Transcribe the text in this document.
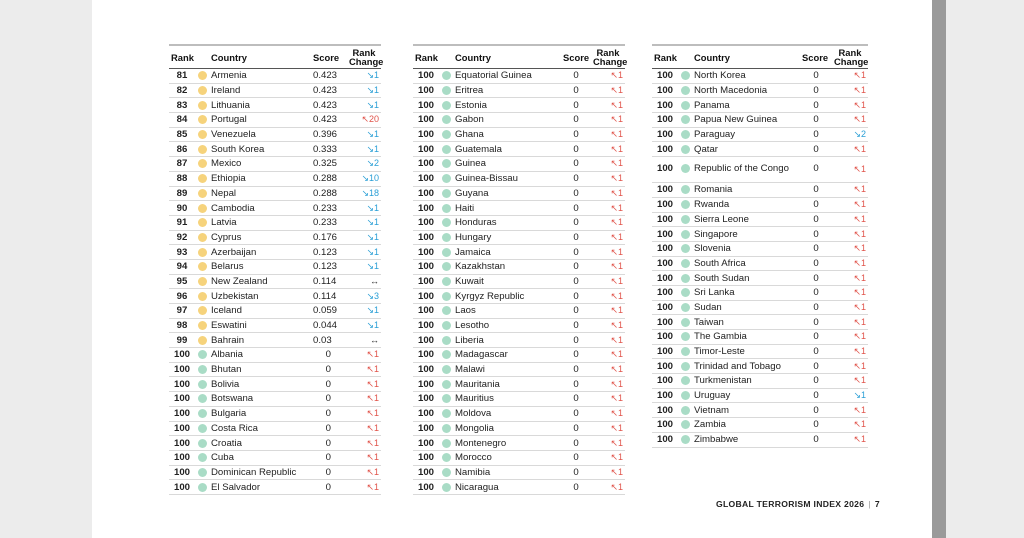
Rank		Country	Score	Rank
Change
81		Armenia	0.423	↘1
82		Ireland	0.423	↘1
83		Lithuania	0.423	↘1
84		Portugal	0.423	↖20
85		Venezuela	0.396	↘1
86		South Korea	0.333	↘1
87		Mexico	0.325	↘2
88		Ethiopia	0.288	↘10
89		Nepal	0.288	↘18
90		Cambodia	0.233	↘1
91		Latvia	0.233	↘1
92		Cyprus	0.176	↘1
93		Azerbaijan	0.123	↘1
94		Belarus	0.123	↘1
95		New Zealand	0.114	↔
96		Uzbekistan	0.114	↘3
97		Iceland	0.059	↘1
98		Eswatini	0.044	↘1
99		Bahrain	0.03	↔
100		Albania	0	↖1
100		Bhutan	0	↖1
100		Bolivia	0	↖1
100		Botswana	0	↖1
100		Bulgaria	0	↖1
100		Costa Rica	0	↖1
100		Croatia	0	↖1
100		Cuba	0	↖1
100		Dominican Republic	0	↖1
100		El Salvador	0	↖1
Rank		Country	Score	Rank
Change
100		Equatorial Guinea	0	↖1
100		Eritrea	0	↖1
100		Estonia	0	↖1
100		Gabon	0	↖1
100		Ghana	0	↖1
100		Guatemala	0	↖1
100		Guinea	0	↖1
100		Guinea-Bissau	0	↖1
100		Guyana	0	↖1
100		Haiti	0	↖1
100		Honduras	0	↖1
100		Hungary	0	↖1
100		Jamaica	0	↖1
100		Kazakhstan	0	↖1
100		Kuwait	0	↖1
100		Kyrgyz Republic	0	↖1
100		Laos	0	↖1
100		Lesotho	0	↖1
100		Liberia	0	↖1
100		Madagascar	0	↖1
100		Malawi	0	↖1
100		Mauritania	0	↖1
100		Mauritius	0	↖1
100		Moldova	0	↖1
100		Mongolia	0	↖1
100		Montenegro	0	↖1
100		Morocco	0	↖1
100		Namibia	0	↖1
100		Nicaragua	0	↖1
Rank		Country	Score	Rank
Change
100		North Korea	0	↖1
100		North Macedonia	0	↖1
100		Panama	0	↖1
100		Papua New Guinea	0	↖1
100		Paraguay	0	↘2
100		Qatar	0	↖1
100		Republic of the Congo	0	↖1
100		Romania	0	↖1
100		Rwanda	0	↖1
100		Sierra Leone	0	↖1
100		Singapore	0	↖1
100		Slovenia	0	↖1
100		South Africa	0	↖1
100		South Sudan	0	↖1
100		Sri Lanka	0	↖1
100		Sudan	0	↖1
100		Taiwan	0	↖1
100		The Gambia	0	↖1
100		Timor-Leste	0	↖1
100		Trinidad and Tobago	0	↖1
100		Turkmenistan	0	↖1
100		Uruguay	0	↘1
100		Vietnam	0	↖1
100		Zambia	0	↖1
100		Zimbabwe	0	↖1
GLOBAL TERRORISM INDEX 2026 | 7
